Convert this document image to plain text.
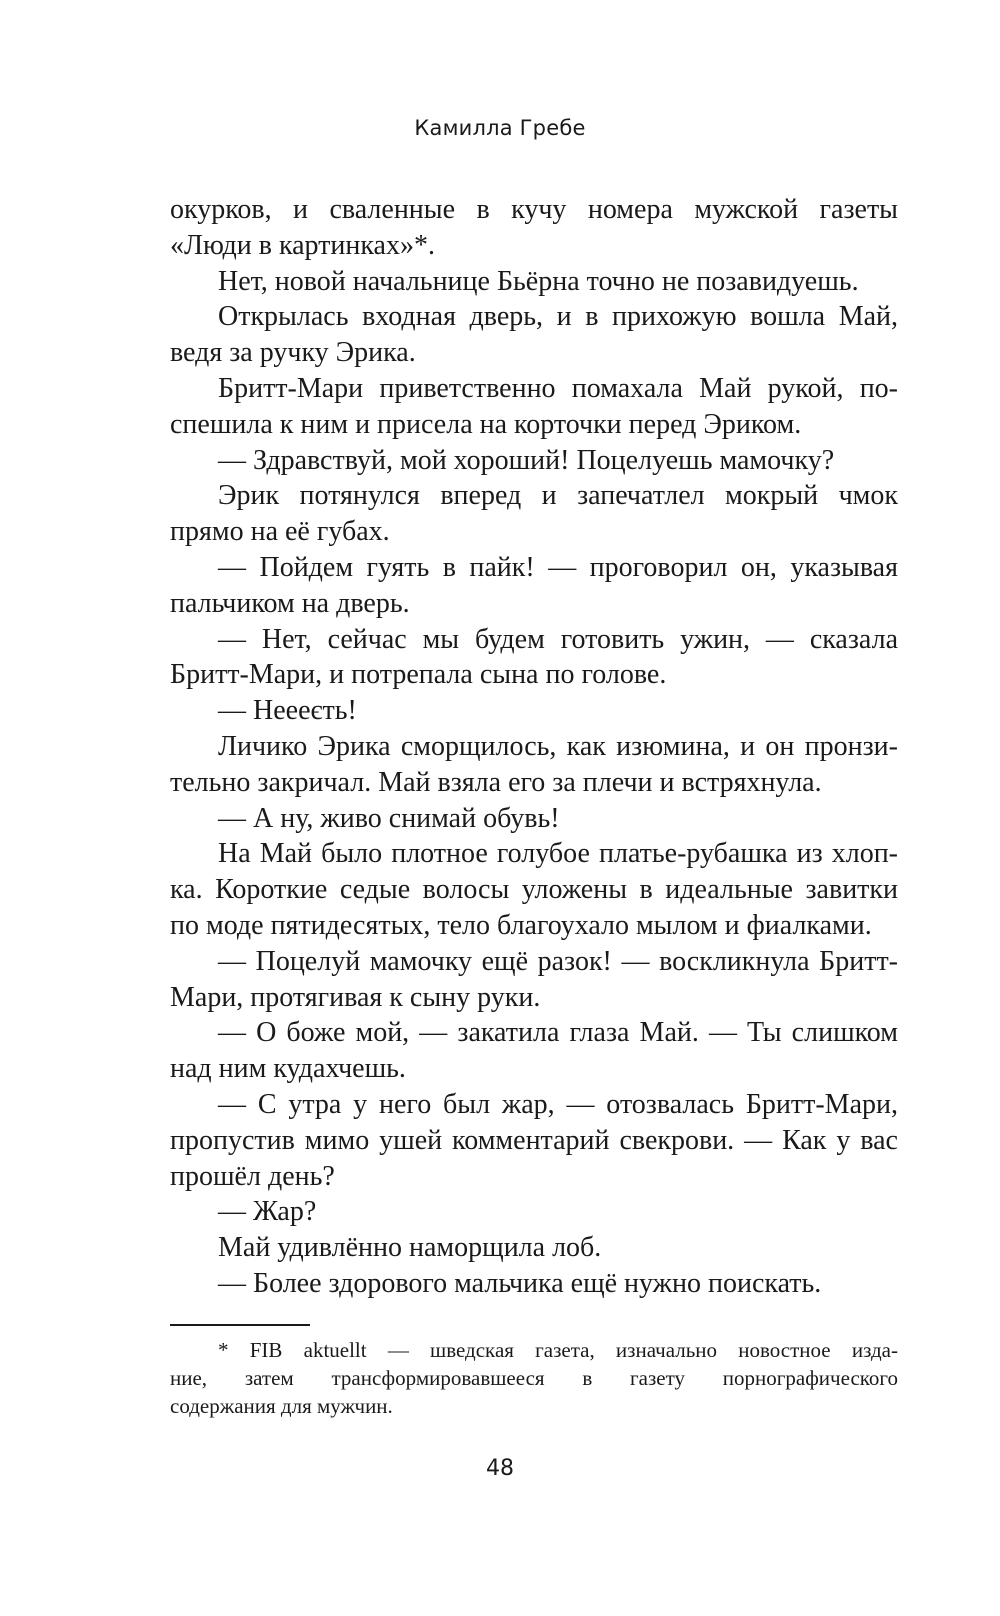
Камилла Гребе
окурков, и сваленные в кучу номера мужской газеты
«Люди в картинках»*.
Нет, новой начальнице Бьёрна точно не позавидуешь.
Открылась входная дверь, и в прихожую вошла Май,
ведя за ручку Эрика.
Бритт-Мари приветственно помахала Май рукой, по-
спешила к ним и присела на корточки перед Эриком.
— Здравствуй, мой хороший! Поцелуешь мамочку?
Эрик потянулся вперед и запечатлел мокрый чмок
прямо на её губах.
— Пойдем гуять в пайк! — проговорил он, указывая
пальчиком на дверь.
— Нет, сейчас мы будем готовить ужин, — сказала
Бритт-Мари, и потрепала сына по голове.
— Неееєть!
Личико Эрика сморщилось, как изюмина, и он пронзи-
тельно закричал. Май взяла его за плечи и встряхнула.
— А ну, живо снимай обувь!
На Май было плотное голубое платье-рубашка из хлоп-
ка. Короткие седые волосы уложены в идеальные завитки
по моде пятидесятых, тело благоухало мылом и фиалками.
— Поцелуй мамочку ещё разок! — воскликнула Бритт-
Мари, протягивая к сыну руки.
— О боже мой, — закатила глаза Май. — Ты слишком
над ним кудахчешь.
— С утра у него был жар, — отозвалась Бритт-Мари,
пропустив мимо ушей комментарий свекрови. — Как у вас
прошёл день?
— Жар?
Май удивлённо наморщила лоб.
— Более здорового мальчика ещё нужно поискать.
* FIB aktuellt — шведская газета, изначально новостное изда-
ние, затем трансформировавшееся в газету порнографического
содержания для мужчин.
48
